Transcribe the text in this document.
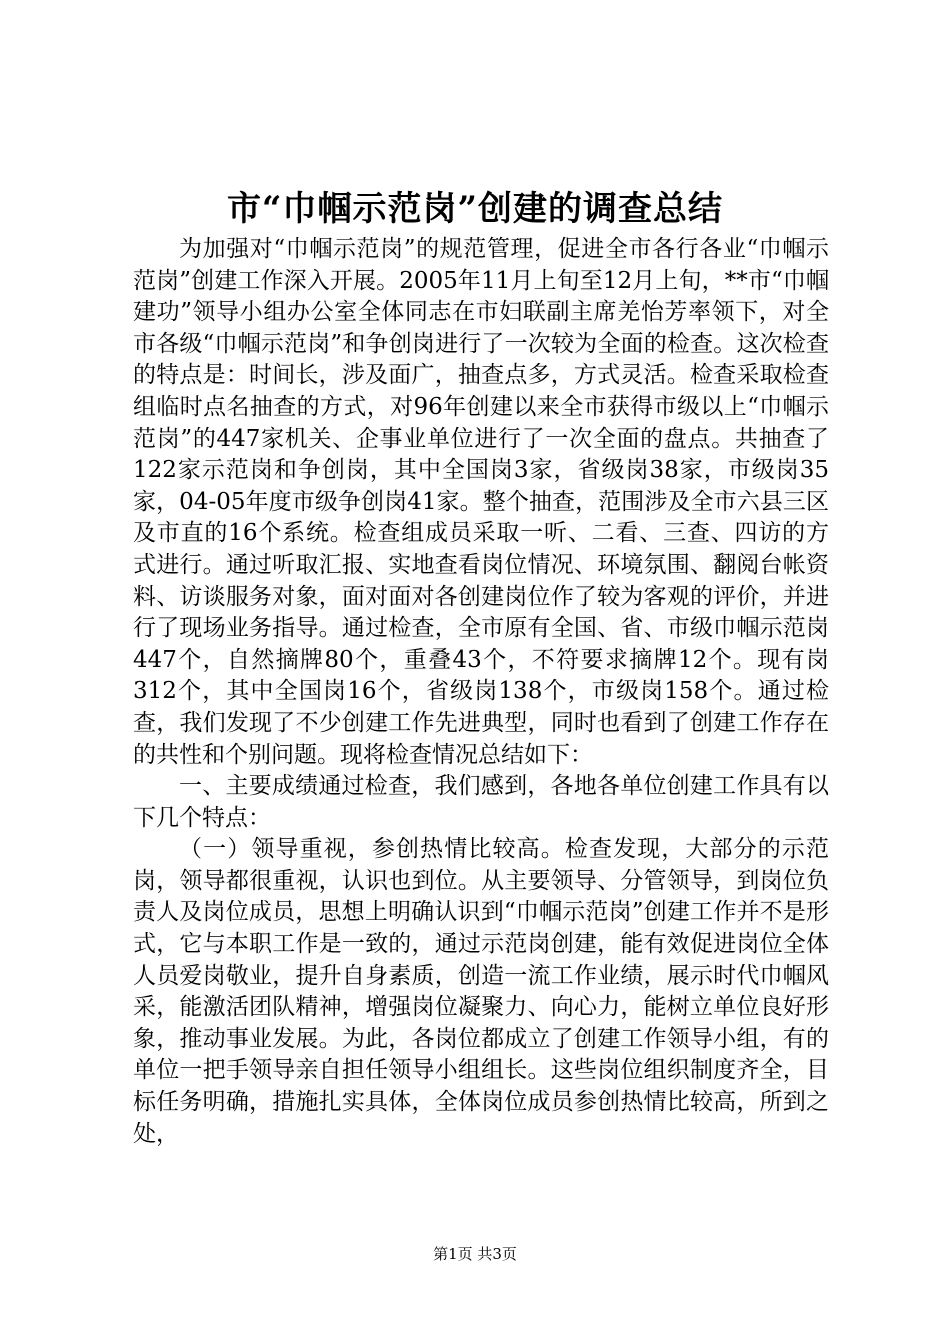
市“巾帼示范岗”创建的调查总结

为加强对“巾帼示范岗”的规范管理，促进全市各行各业“巾帼示范岗”创建工作深入开展。2005年11月上旬至12月上旬，**市“巾帼建功”领导小组办公室全体同志在市妇联副主席羌怡芳率领下，对全市各级“巾帼示范岗”和争创岗进行了一次较为全面的检查。这次检查的特点是：时间长，涉及面广，抽查点多，方式灵活。检查采取检查组临时点名抽查的方式，对96年创建以来全市获得市级以上“巾帼示范岗”的447家机关、企事业单位进行了一次全面的盘点。共抽查了122家示范岗和争创岗，其中全国岗3家，省级岗38家，市级岗35家，04-05年度市级争创岗41家。整个抽查，范围涉及全市六县三区及市直的16个系统。检查组成员采取一听、二看、三查、四访的方式进行。通过听取汇报、实地查看岗位情况、环境氛围、翻阅台帐资料、访谈服务对象，面对面对各创建岗位作了较为客观的评价，并进行了现场业务指导。通过检查，全市原有全国、省、市级巾帼示范岗447个，自然摘牌80个，重叠43个，不符要求摘牌12个。现有岗312个，其中全国岗16个，省级岗138个，市级岗158个。通过检查，我们发现了不少创建工作先进典型，同时也看到了创建工作存在的共性和个别问题。现将检查情况总结如下：

一、主要成绩通过检查，我们感到，各地各单位创建工作具有以下几个特点：

（一）领导重视，参创热情比较高。检查发现，大部分的示范岗，领导都很重视，认识也到位。从主要领导、分管领导，到岗位负责人及岗位成员，思想上明确认识到“巾帼示范岗”创建工作并不是形式，它与本职工作是一致的，通过示范岗创建，能有效促进岗位全体人员爱岗敬业，提升自身素质，创造一流工作业绩，展示时代巾帼风采，能激活团队精神，增强岗位凝聚力、向心力，能树立单位良好形象，推动事业发展。为此，各岗位都成立了创建工作领导小组，有的单位一把手领导亲自担任领导小组组长。这些岗位组织制度齐全，目标任务明确，措施扎实具体，全体岗位成员参创热情比较高，所到之处，

第1页 共3页
